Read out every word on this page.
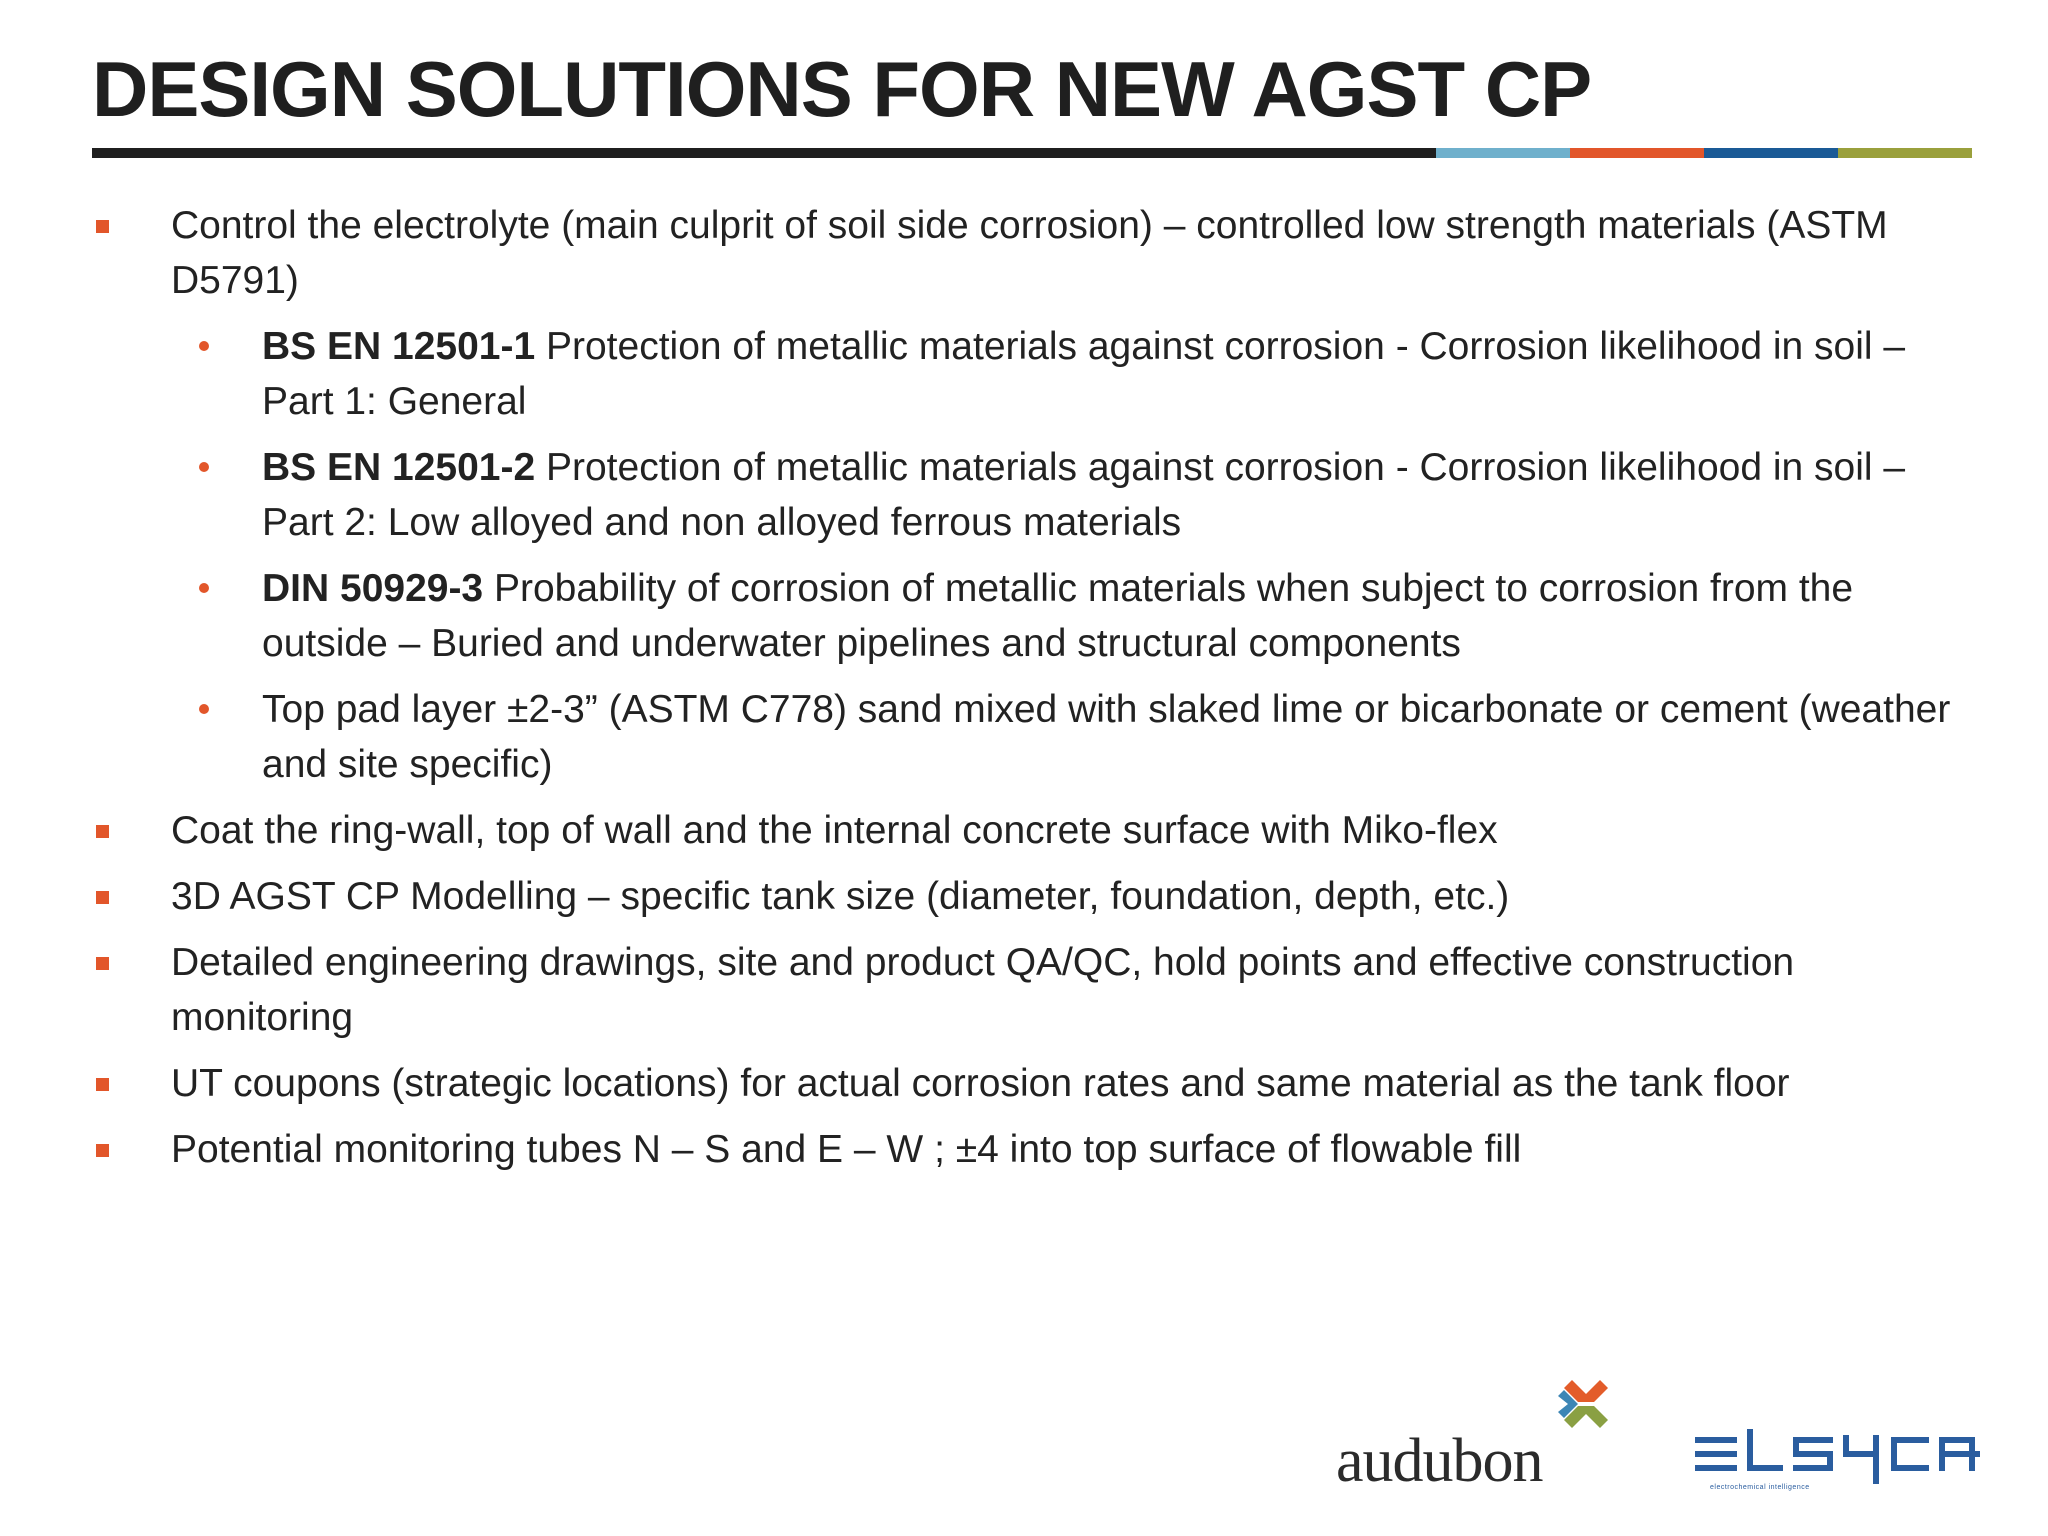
DESIGN SOLUTIONS FOR NEW AGST CP
Control the electrolyte (main culprit of soil side corrosion) – controlled low strength materials (ASTM D5791)
BS EN 12501-1 Protection of metallic materials against corrosion - Corrosion likelihood in soil – Part 1: General
BS EN 12501-2 Protection of metallic materials against corrosion - Corrosion likelihood in soil – Part 2: Low alloyed and non alloyed ferrous materials
DIN 50929-3 Probability of corrosion of metallic materials when subject to corrosion from the outside – Buried and underwater pipelines and structural components
Top pad layer ±2-3” (ASTM C778) sand mixed with slaked lime or bicarbonate or cement (weather and site specific)
Coat the ring-wall, top of wall and the internal concrete surface with Miko-flex
3D AGST CP Modelling – specific tank size (diameter, foundation, depth, etc.)
Detailed engineering drawings, site and product QA/QC, hold points and effective construction monitoring
UT coupons (strategic locations) for actual corrosion rates and same material as the tank floor
Potential monitoring tubes N – S and E – W ; ±4 into top surface of flowable fill
audubon	electrochemical intelligence
